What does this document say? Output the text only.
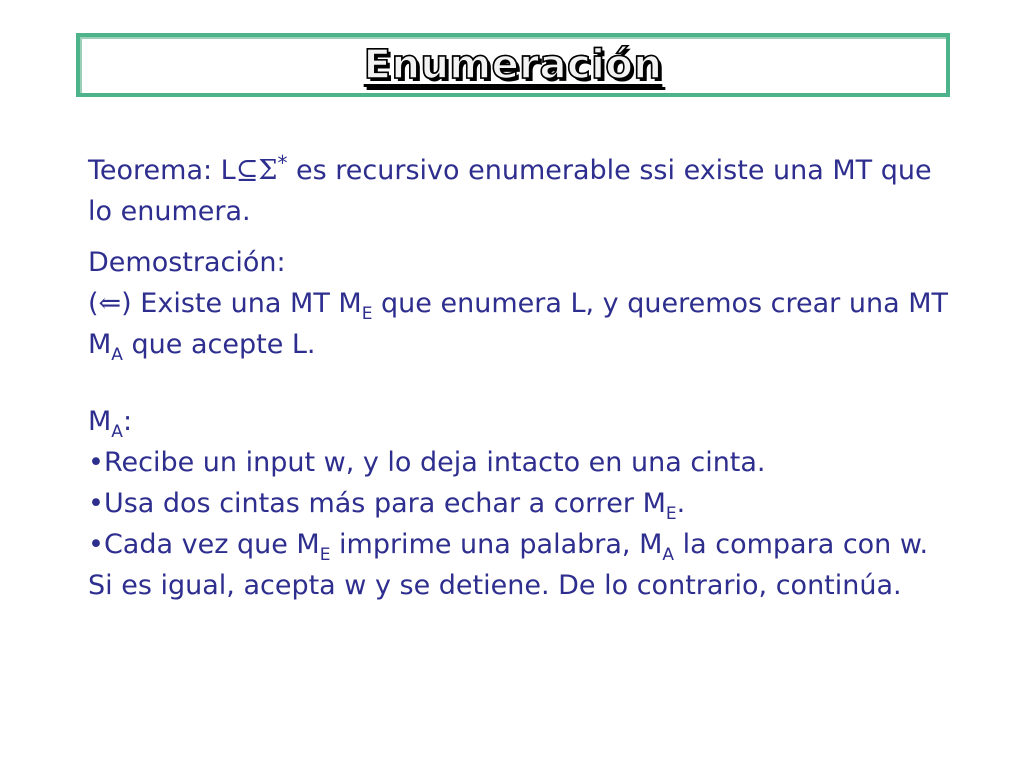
Enumeración

Teorema: L⊆Σ* es recursivo enumerable ssi existe una MT que lo enumera.

Demostración:

(⇐) Existe una MT $M_E$ que enumera L, y queremos crear una MT $M_A$ que acepte L.

$M_A$:

•Recibe un input w, y lo deja intacto en una cinta.

•Usa dos cintas más para echar a correr $M_E$.

•Cada vez que $M_E$ imprime una palabra, $M_A$ la compara con w. Si es igual, acepta w y se detiene. De lo contrario, continúa.
